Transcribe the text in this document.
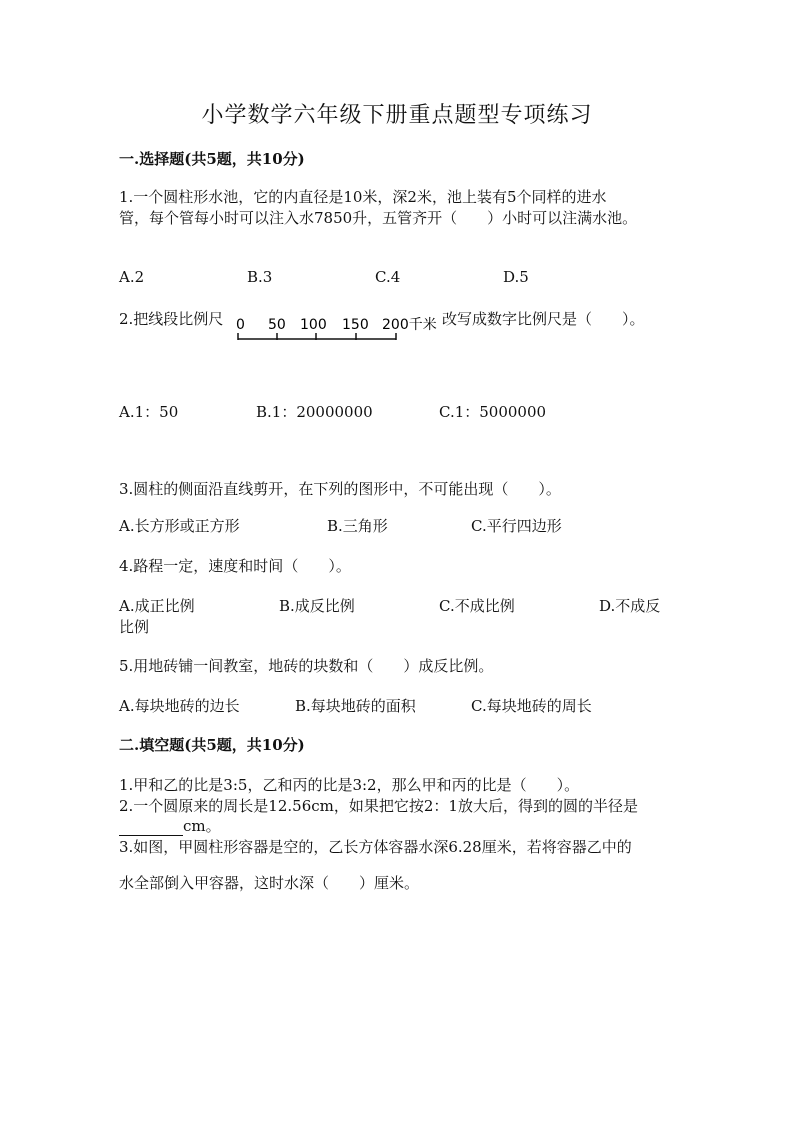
小学数学六年级下册重点题型专项练习
一.选择题(共5题，共10分)
1.一个圆柱形水池，它的内直径是10米，深2米，池上装有5个同样的进水
管，每个管每小时可以注入水7850升，五管齐开（　　）小时可以注满水池。
A.2	B.3	C.4	D.5
2.把线段比例尺 0 50 100 150 200千米 改写成数字比例尺是（　　）。
A.1：50	B.1：20000000	C.1：5000000
3.圆柱的侧面沿直线剪开，在下列的图形中，不可能出现（　　）。
A.长方形或正方形	B.三角形	C.平行四边形
4.路程一定，速度和时间（　　）。
A.成正比例	B.成反比例	C.不成比例	D.不成反
比例
5.用地砖铺一间教室，地砖的块数和（　　）成反比例。
A.每块地砖的边长	B.每块地砖的面积	C.每块地砖的周长
二.填空题(共5题，共10分)
1.甲和乙的比是3:5，乙和丙的比是3:2，那么甲和丙的比是（　　）。
2.一个圆原来的周长是12.56cm，如果把它按2：1放大后，得到的圆的半径是
cm。
3.如图，甲圆柱形容器是空的，乙长方体容器水深6.28厘米，若将容器乙中的
水全部倒入甲容器，这时水深（　　）厘米。
